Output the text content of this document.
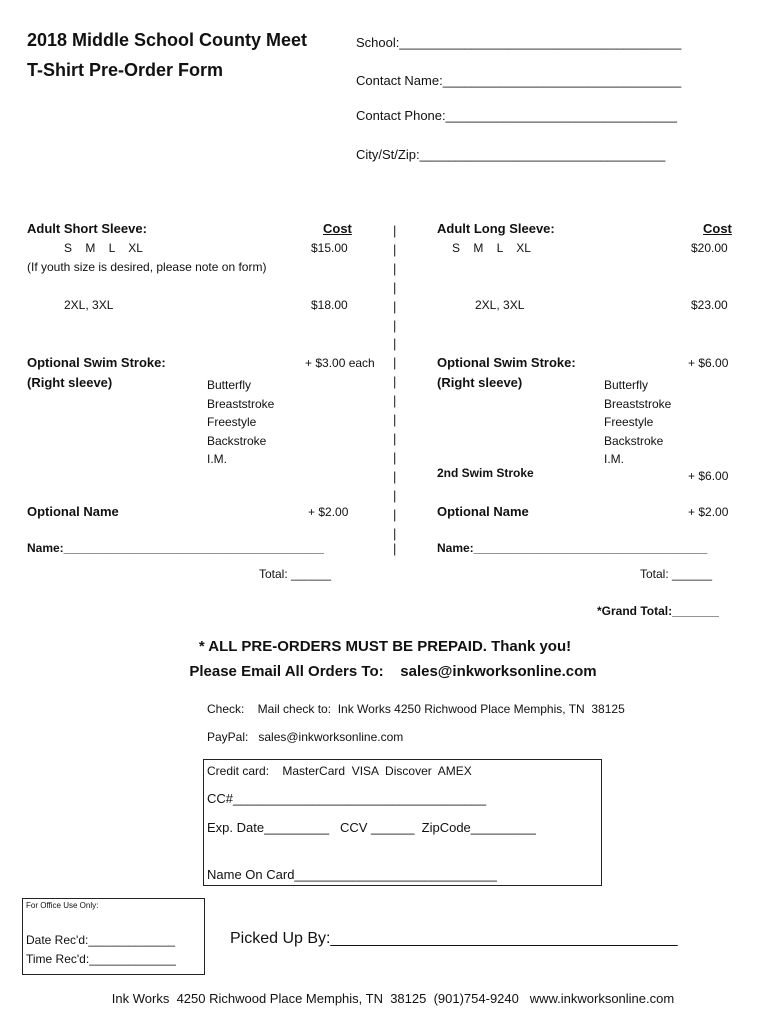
2018 Middle School County Meet
T-Shirt Pre-Order Form
School:_______________________________________
Contact Name:_________________________________
Contact Phone:________________________________
City/St/Zip:__________________________________
Adult Short Sleeve:	Cost
S M L XL	$15.00
(If youth size is desired, please note on form)
2XL, 3XL	$18.00
Optional Swim Stroke:
(Right sleeve)
+ $3.00 each
Butterfly
Breaststroke
Freestyle
Backstroke
I.M.
Optional Name	+ $2.00
Name:_______________________________________
Total: ______
|
|
|
|
|
|
|
|
|
|
|
|
|
|
|
|
|
|
Adult Long Sleeve:	Cost
S M L XL	$20.00
2XL, 3XL	$23.00
Optional Swim Stroke:
(Right sleeve)
+ $6.00
Butterfly
Breaststroke
Freestyle
Backstroke
I.M.
2nd Swim Stroke	+ $6.00
Optional Name	+ $2.00
Name:___________________________________
Total: ______
*Grand Total:_______
* ALL PRE-ORDERS MUST BE PREPAID. Thank you!
Please Email All Orders To:    sales@inkworksonline.com
Check:    Mail check to:  Ink Works 4250 Richwood Place Memphis, TN  38125
PayPal:   sales@inkworksonline.com
Credit card:    MasterCard  VISA  Discover  AMEX
CC#___________________________________
Exp. Date_________   CCV ______  ZipCode_________
Name On Card____________________________
For Office Use Only:
Date Rec'd:_____________
Time Rec'd:_____________
Picked Up By:_______________________________________
Ink Works  4250 Richwood Place Memphis, TN  38125  (901)754-9240   www.inkworksonline.com
